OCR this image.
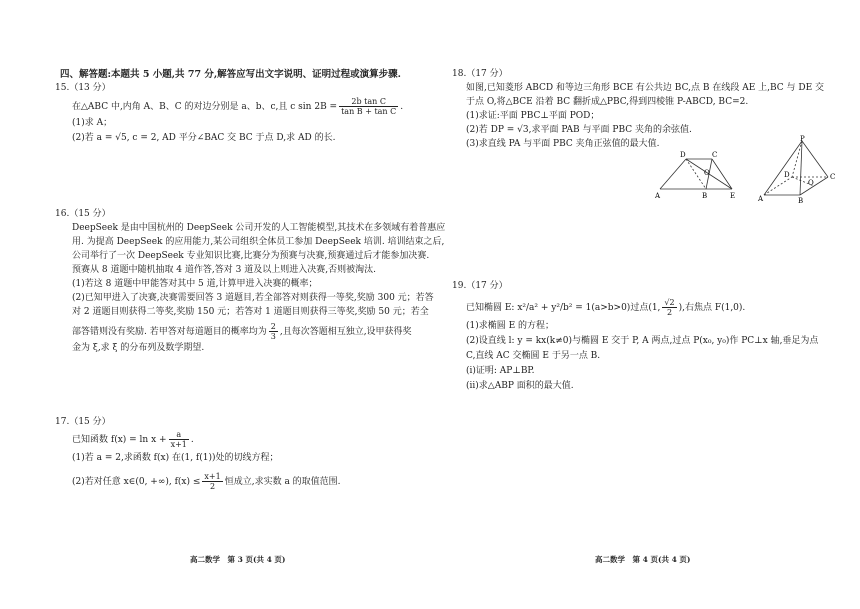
四、解答题:本题共 5 小题,共 77 分,解答应写出文字说明、证明过程或演算步骤.
15.（13 分）
在△ABC 中,内角 A、B、C 的对边分别是 a、b、c,且 c $\sin 2B = \frac{\text{2b tan C}}{\text{tan B + tan C}}$ .
(1)求 A；
(2)若 a = √5, c = 2, AD 平分∠BAC 交 BC 于点 D,求 AD 的长.
16.（15 分）
DeepSeek 是由中国杭州的 DeepSeek 公司开发的人工智能模型,其技术在多领域有着普惠应
用. 为提高 DeepSeek 的应用能力,某公司组织全体员工参加 DeepSeek 培训. 培训结束之后,
公司举行了一次 DeepSeek 专业知识比赛,比赛分为预赛与决赛,预赛通过后才能参加决赛.
预赛从 8 道题中随机抽取 4 道作答,答对 3 道及以上则进入决赛,否则被淘汰.
(1)若这 8 道题中甲能答对其中 5 道,计算甲进入决赛的概率；
(2)已知甲进入了决赛,决赛需要回答 3 道题目,若全部答对则获得一等奖,奖励 300 元；若答
对 2 道题目则获得二等奖,奖励 150 元；若答对 1 道题目则获得三等奖,奖励 50 元；若全
部答错则没有奖励. 若甲答对每道题目的概率均为 $\frac{2}{3}$ ,且每次答题相互独立,设甲获得奖
金为 ξ,求 ξ 的分布列及数学期望.
17.（15 分）
已知函数 $f(x) = \ln x + \frac{a}{x+1}$ .
(1)若 a = 2,求函数 f(x) 在(1, f(1))处的切线方程；
(2)若对任意 x∈(0, +∞), $f(x) \le \frac{x+1}{2}$ 恒成立,求实数 a 的取值范围.
高二数学　第 3 页(共 4 页)
18.（17 分）
如图,已知菱形 ABCD 和等边三角形 BCE 有公共边 BC,点 B 在线段 AE 上,BC 与 DE 交
于点 O,将△BCE 沿着 BC 翻折成△PBC,得到四棱锥 P-ABCD, BC=2.
(1)求证:平面 PBC⊥平面 POD；
(2)若 DP = √3,求平面 PAB 与平面 PBC 夹角的余弦值.
(3)求直线 PA 与平面 PBC 夹角正弦值的最大值.
D	C
O
A	B	E
P
D	C
O
A	B
19.（17 分）
已知椭圆 E: x²/a² + y²/b² = 1(a>b>0)过点(1, $\frac{√2}{2}$ ),右焦点 F(1,0).
(1)求椭圆 E 的方程；
(2)设直线 l: y = kx(k≠0)与椭圆 E 交于 P, A 两点,过点 P(x₀, y₀)作 PC⊥x 轴,垂足为点
C,直线 AC 交椭圆 E 于另一点 B.
(ⅰ)证明: AP⊥BP.
(ⅱ)求△ABP 面积的最大值.
高二数学　第 4 页(共 4 页)
